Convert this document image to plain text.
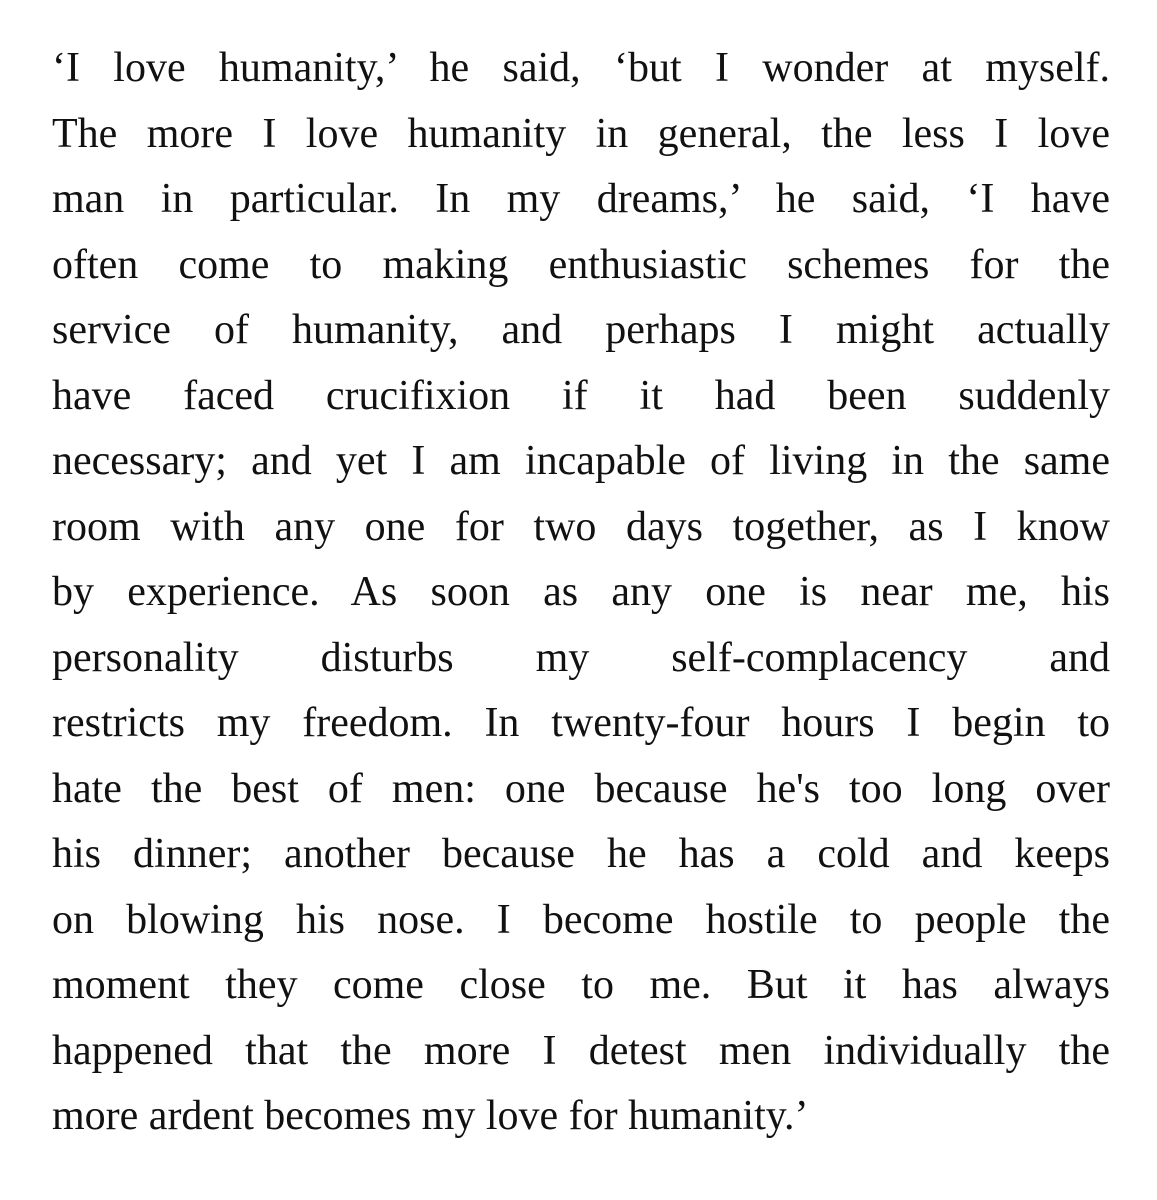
‘I love humanity,’ he said, ‘but I wonder at myself.
The more I love humanity in general, the less I love
man in particular. In my dreams,’ he said, ‘I have
often come to making enthusiastic schemes for the
service of humanity, and perhaps I might actually
have faced crucifixion if it had been suddenly
necessary; and yet I am incapable of living in the same
room with any one for two days together, as I know
by experience. As soon as any one is near me, his
personality disturbs my self-complacency and
restricts my freedom. In twenty-four hours I begin to
hate the best of men: one because he's too long over
his dinner; another because he has a cold and keeps
on blowing his nose. I become hostile to people the
moment they come close to me. But it has always
happened that the more I detest men individually the
more ardent becomes my love for humanity.’
